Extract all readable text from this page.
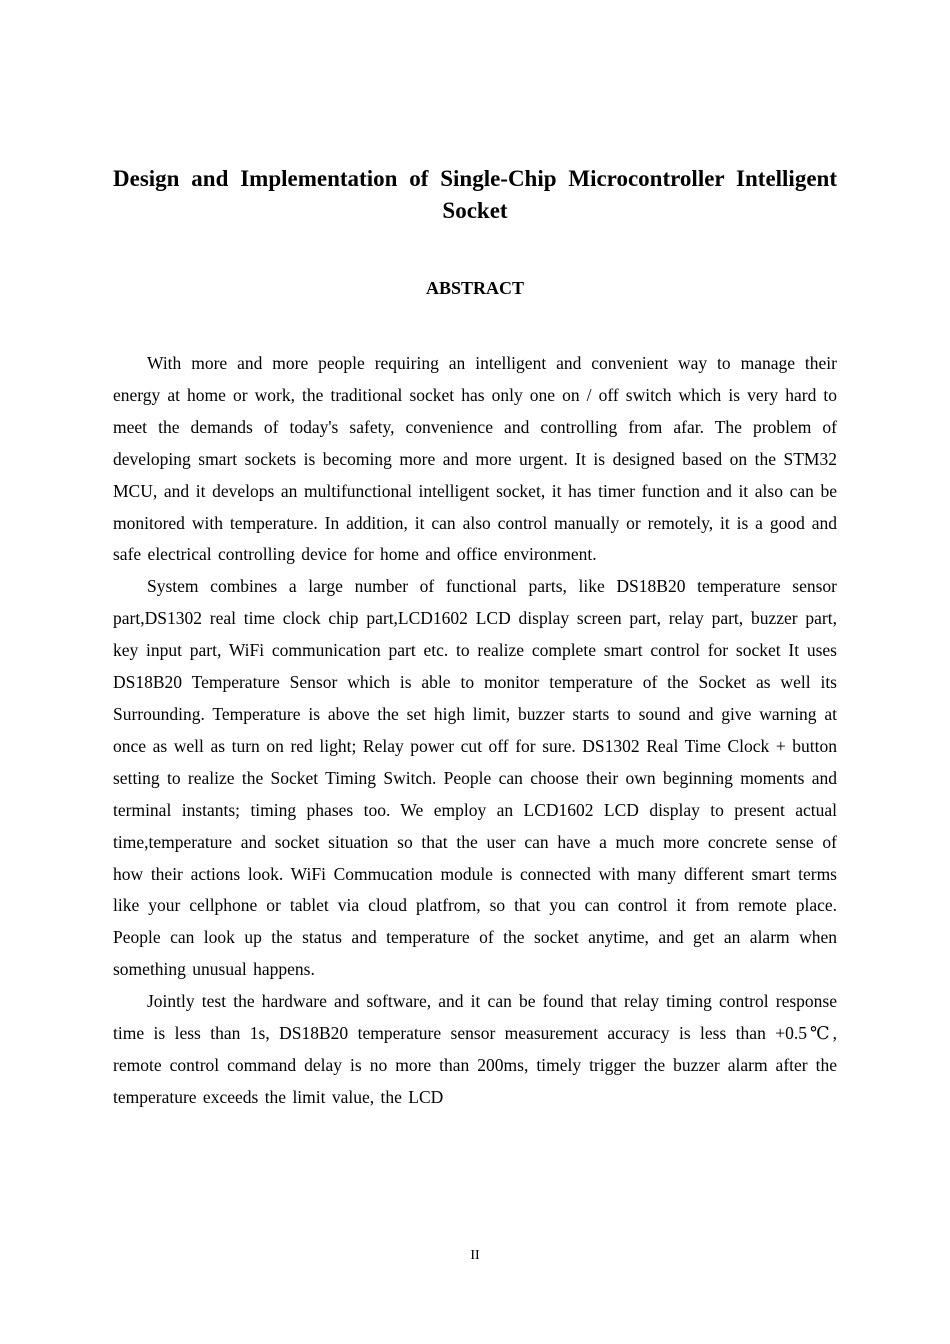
Design and Implementation of Single-Chip Microcontroller Intelligent Socket
ABSTRACT

With more and more people requiring an intelligent and convenient way to manage their energy at home or work, the traditional socket has only one on / off switch which is very hard to meet the demands of today's safety, convenience and controlling from afar. The problem of developing smart sockets is becoming more and more urgent. It is designed based on the STM32 MCU, and it develops an multifunctional intelligent socket, it has timer function and it also can be monitored with temperature. In addition, it can also control manually or remotely, it is a good and safe electrical controlling device for home and office environment.

System combines a large number of functional parts, like DS18B20 temperature sensor part,DS1302 real time clock chip part,LCD1602 LCD display screen part, relay part, buzzer part, key input part, WiFi communication part etc. to realize complete smart control for socket It uses DS18B20 Temperature Sensor which is able to monitor temperature of the Socket as well its Surrounding. Temperature is above the set high limit, buzzer starts to sound and give warning at once as well as turn on red light; Relay power cut off for sure. DS1302 Real Time Clock + button setting to realize the Socket Timing Switch. People can choose their own beginning moments and terminal instants; timing phases too. We employ an LCD1602 LCD display to present actual time,temperature and socket situation so that the user can have a much more concrete sense of how their actions look. WiFi Commucation module is connected with many different smart terms like your cellphone or tablet via cloud platfrom, so that you can control it from remote place. People can look up the status and temperature of the socket anytime, and get an alarm when something unusual happens.

Jointly test the hardware and software, and it can be found that relay timing control response time is less than 1s, DS18B20 temperature sensor measurement accuracy is less than +0.5℃, remote control command delay is no more than 200ms, timely trigger the buzzer alarm after the temperature exceeds the limit value, the LCD

II
